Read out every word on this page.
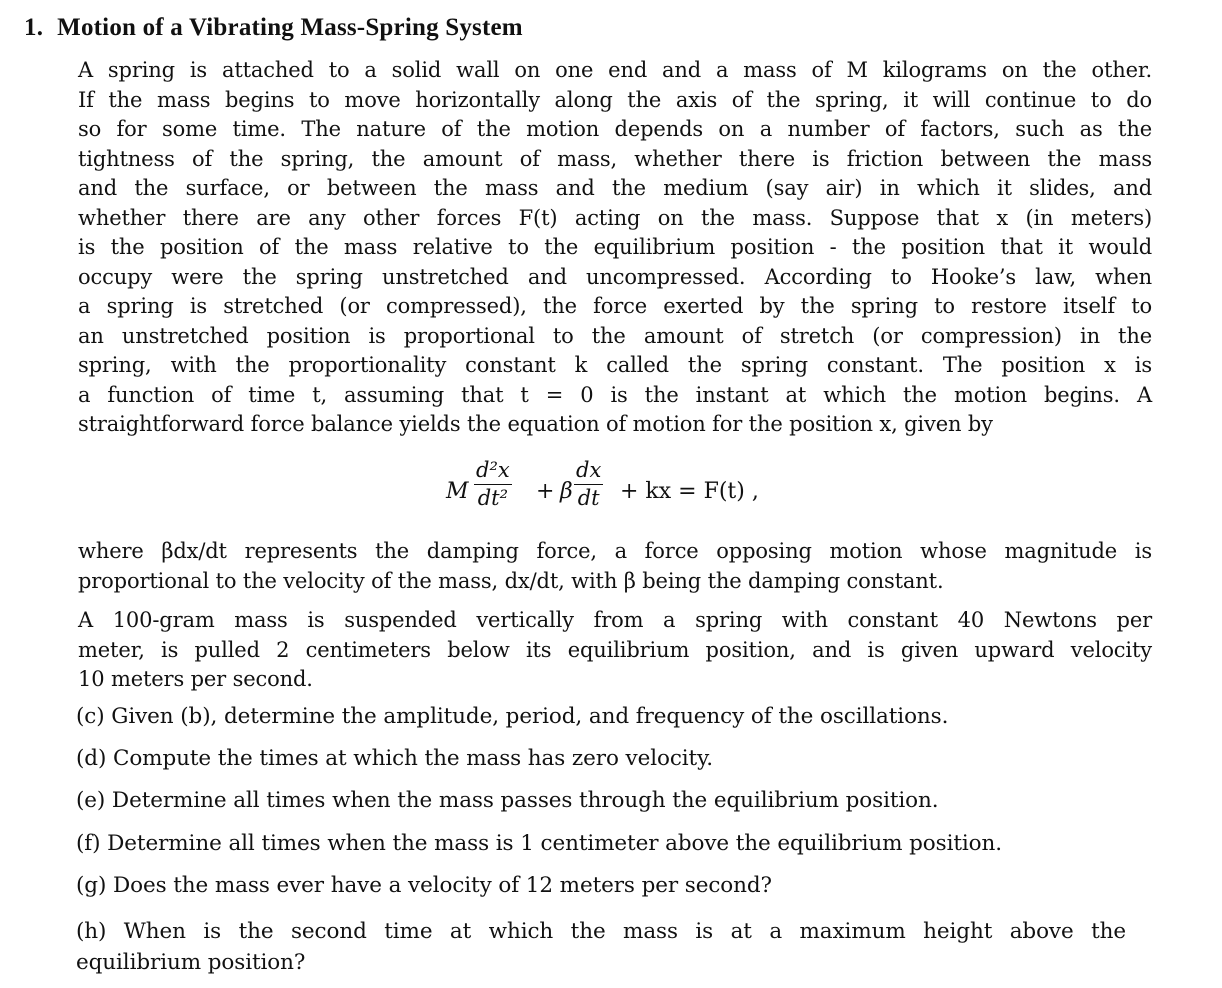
1. Motion of a Vibrating Mass-Spring System
A spring is attached to a solid wall on one end and a mass of M kilograms on the other.
If the mass begins to move horizontally along the axis of the spring, it will continue to do
so for some time. The nature of the motion depends on a number of factors, such as the
tightness of the spring, the amount of mass, whether there is friction between the mass
and the surface, or between the mass and the medium (say air) in which it slides, and
whether there are any other forces F(t) acting on the mass. Suppose that x (in meters)
is the position of the mass relative to the equilibrium position - the position that it would
occupy were the spring unstretched and uncompressed. According to Hooke’s law, when
a spring is stretched (or compressed), the force exerted by the spring to restore itself to
an unstretched position is proportional to the amount of stretch (or compression) in the
spring, with the proportionality constant k called the spring constant. The position x is
a function of time t, assuming that t = 0 is the instant at which the motion begins. A
straightforward force balance yields the equation of motion for the position x, given by
M
d²x
dt² + β
dx
dt + kx = F(t) ,
where βdx/dt represents the damping force, a force opposing motion whose magnitude is
proportional to the velocity of the mass, dx/dt, with β being the damping constant.
A 100-gram mass is suspended vertically from a spring with constant 40 Newtons per
meter, is pulled 2 centimeters below its equilibrium position, and is given upward velocity
10 meters per second.
(c) Given (b), determine the amplitude, period, and frequency of the oscillations.
(d) Compute the times at which the mass has zero velocity.
(e) Determine all times when the mass passes through the equilibrium position.
(f) Determine all times when the mass is 1 centimeter above the equilibrium position.
(g) Does the mass ever have a velocity of 12 meters per second?
(h) When is the second time at which the mass is at a maximum height above the
equilibrium position?
